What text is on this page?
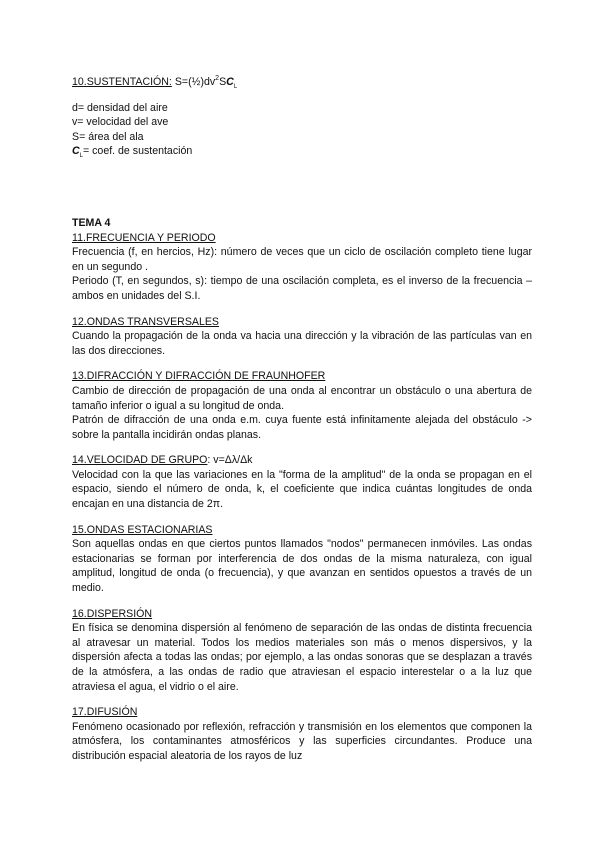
10.SUSTENTACIÓN: $S=(\frac{1}{2})dv^2SC_L$
d= densidad del aire
v= velocidad del ave
S= área del ala
$C_L=$ coef. de sustentación
TEMA 4
11.FRECUENCIA Y PERIODO

Frecuencia (f, en hercios, Hz): número de veces que un ciclo de oscilación completo tiene lugar en un segundo .

Periodo (T, en segundos, s): tiempo de una oscilación completa, es el inverso de la frecuencia – ambos en unidades del S.I.

12.ONDAS TRANSVERSALES

Cuando la propagación de la onda va hacia una dirección y la vibración de las partículas van en las dos direcciones.

13.DIFRACCIÓN Y DIFRACCIÓN DE FRAUNHOFER

Cambio de dirección de propagación de una onda al encontrar un obstáculo o una abertura de tamaño inferior o igual a su longitud de onda.

Patrón de difracción de una onda e.m. cuya fuente está infinitamente alejada del obstáculo -> sobre la pantalla incidirán ondas planas.

14.VELOCIDAD DE GRUPO: v=Δλ/Δk

Velocidad con la que las variaciones en la "forma de la amplitud" de la onda se propagan en el espacio, siendo el número de onda, k, el coeficiente que indica cuántas longitudes de onda encajan en una distancia de 2π.

15.ONDAS ESTACIONARIAS

Son aquellas ondas en que ciertos puntos llamados "nodos" permanecen inmóviles. Las ondas estacionarias se forman por interferencia de dos ondas de la misma naturaleza, con igual amplitud, longitud de onda (o frecuencia), y que avanzan en sentidos opuestos a través de un medio.

16.DISPERSIÓN

En física se denomina dispersión al fenómeno de separación de las ondas de distinta frecuencia al atravesar un material. Todos los medios materiales son más o menos dispersivos, y la dispersión afecta a todas las ondas; por ejemplo, a las ondas sonoras que se desplazan a través de la atmósfera, a las ondas de radio que atraviesan el espacio interestelar o a la luz que atraviesa el agua, el vidrio o el aire.

17.DIFUSIÓN

Fenómeno ocasionado por reflexión, refracción y transmisión en los elementos que componen la atmósfera, los contaminantes atmosféricos y las superficies circundantes. Produce una distribución espacial aleatoria de los rayos de luz
